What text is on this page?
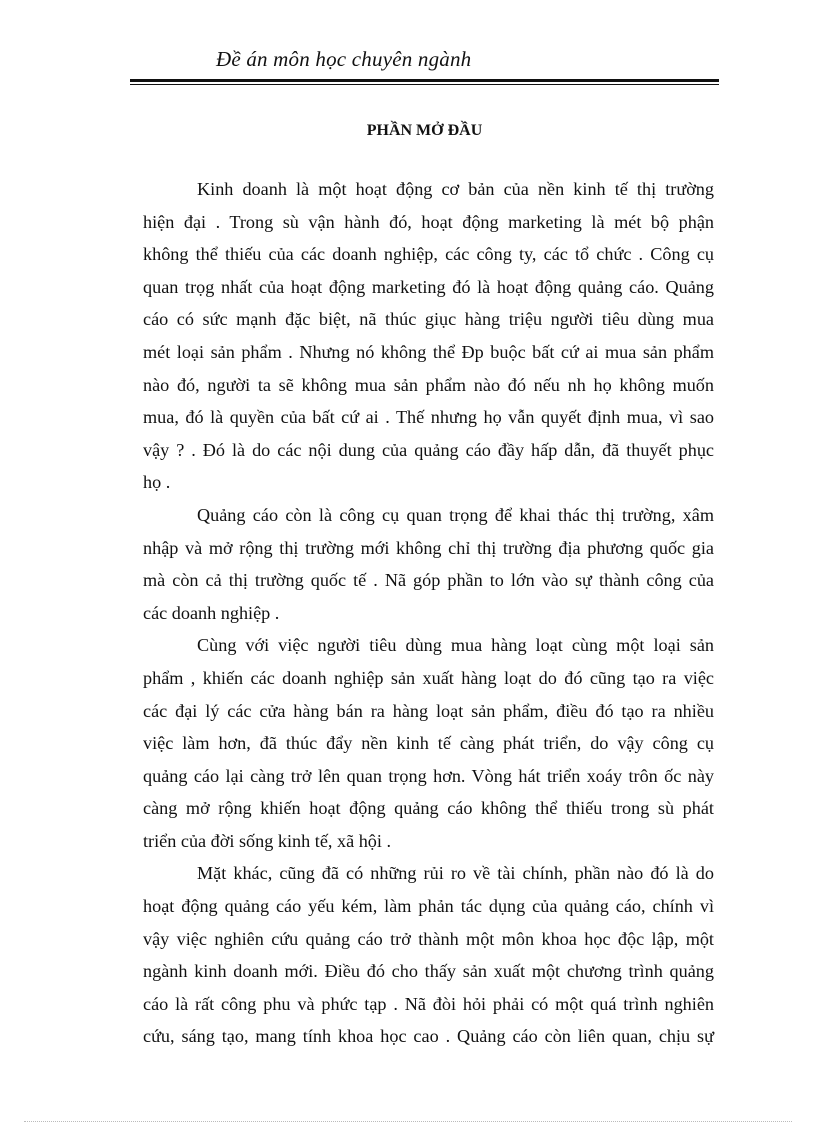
Đề án môn học chuyên ngành
PHẦN MỞ ĐẦU
Kinh doanh là một hoạt động cơ bản của nền kinh tế thị trường
hiện đại . Trong sù vận hành đó, hoạt động marketing là mét bộ phận
không thể thiếu của các doanh nghiệp, các công ty, các tổ chức . Công cụ
quan trọg nhất của hoạt động marketing đó là hoạt động quảng cáo. Quảng
cáo có sức mạnh đặc biệt, nã thúc giục hàng triệu người tiêu dùng mua
mét loại sản phẩm . Nhưng nó không thể Đp buộc bất cứ ai mua sản phẩm
nào đó, người ta sẽ không mua sản phẩm nào đó nếu nh họ không muốn
mua, đó là quyền của bất cứ ai . Thế nhưng họ vẫn quyết định mua, vì sao
vậy ? . Đó là do các nội dung của quảng cáo đầy hấp dẫn, đã thuyết phục
họ .
Quảng cáo còn là công cụ quan trọng để khai thác thị trường, xâm
nhập và mở rộng thị trường mới không chỉ thị trường địa phương quốc gia
mà còn cả thị trường quốc tế . Nã góp phần to lớn vào sự thành công của
các doanh nghiệp .
Cùng với việc người tiêu dùng mua hàng loạt cùng một loại sản
phẩm , khiến các doanh nghiệp sản xuất hàng loạt do đó cũng tạo ra việc
các đại lý các cửa hàng bán ra hàng loạt sản phẩm, điều đó tạo ra nhiều
việc làm hơn, đã thúc đẩy nền kinh tế càng phát triển, do vậy công cụ
quảng cáo lại càng trở lên quan trọng hơn. Vòng hát triển xoáy trôn ốc này
càng mở rộng khiến hoạt động quảng cáo không thể thiếu trong sù phát
triển của đời sống kinh tế, xã hội .
Mặt khác, cũng đã có những rủi ro về tài chính, phần nào đó là do
hoạt động quảng cáo yếu kém, làm phản tác dụng của quảng cáo, chính vì
vậy việc nghiên cứu quảng cáo trở thành một môn khoa học độc lập, một
ngành kinh doanh mới. Điều đó cho thấy sản xuất một chương trình quảng
cáo là rất công phu và phức tạp . Nã đòi hỏi phải có một quá trình nghiên
cứu, sáng tạo, mang tính khoa học cao . Quảng cáo còn liên quan, chịu sự
